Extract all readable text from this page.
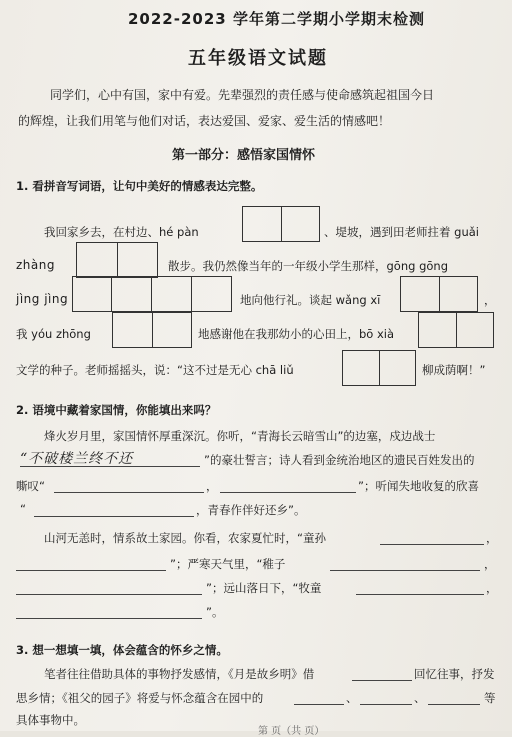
2022-2023 学年第二学期小学期末检测
五年级语文试题
同学们，心中有国，家中有爱。先辈强烈的责任感与使命感筑起祖国今日
的辉煌，让我们用笔与他们对话，表达爱国、爱家、爱生活的情感吧！
第一部分：感悟家国情怀
1. 看拼音写词语，让句中美好的情感表达完整。
我回家乡去，在村边、hé pàn	、堤坡，遇到田老师拄着 guǎi
zhàng	散步。我仍然像当年的一年级小学生那样，gōng gōng
jìng jìng	地向他行礼。谈起 wǎng xī	，
我 yóu zhōng	地感谢他在我那幼小的心田上，bō xià
文学的种子。老师摇摇头，说：“这不过是无心 chā liǔ	柳成荫啊！”
2. 语境中藏着家国情，你能填出来吗？
烽火岁月里，家国情怀厚重深沉。你听，“青海长云暗雪山”的边塞，戍边战士
“不破楼兰终不还	”的豪壮誓言；诗人看到金统治地区的遗民百姓发出的
嘶叹“	，	”；听闻失地收复的欣喜
“	，青春作伴好还乡”。
山河无恙时，情系故土家园。你看，农家夏忙时，“童孙	，
”；严寒天气里，“稚子	，
”；远山落日下，“牧童	，
”。
3. 想一想填一填，体会蕴含的怀乡之情。
笔者往往借助具体的事物抒发感情，《月是故乡明》借	回忆往事，抒发
思乡情；《祖父的园子》将爱与怀念蕴含在园中的	、	、	等
具体事物中。
第 页（共 页）
